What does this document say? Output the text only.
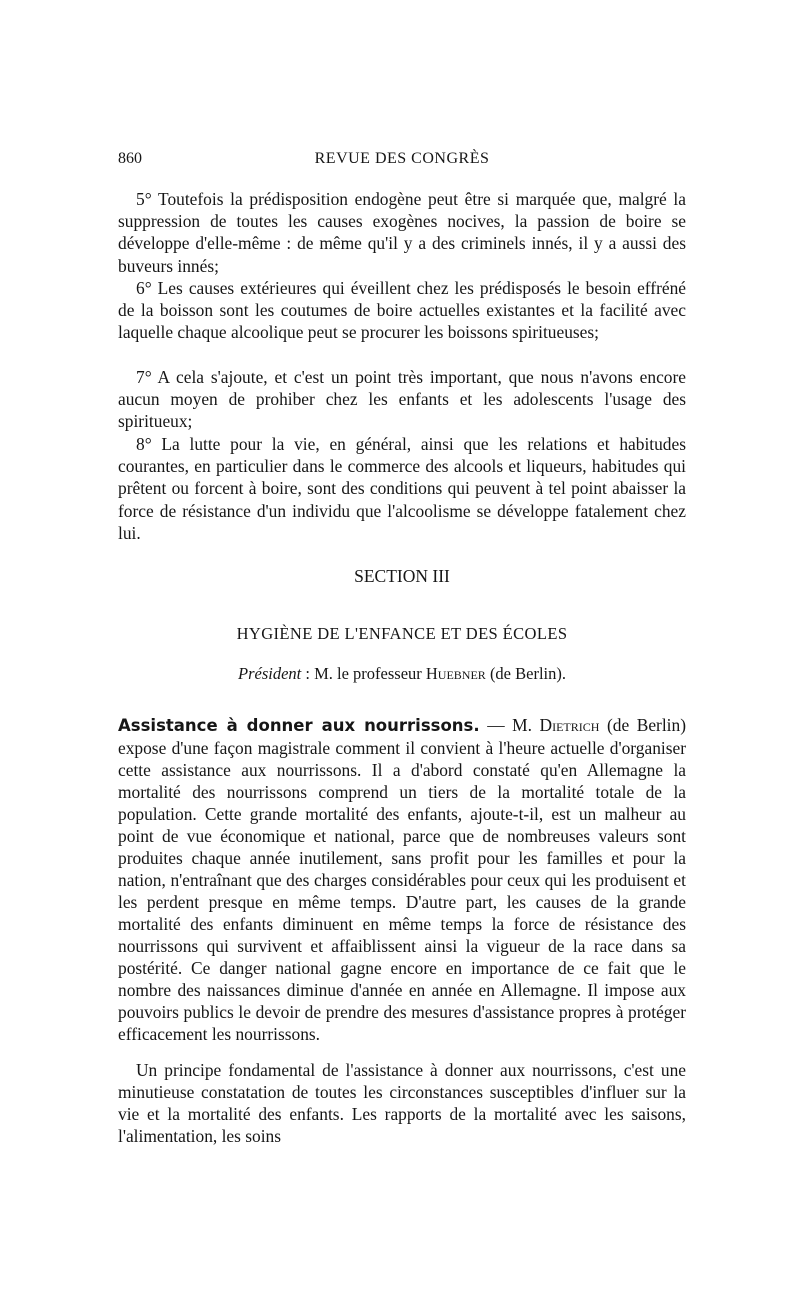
860	REVUE DES CONGRÈS

5° Toutefois la prédisposition endogène peut être si marquée que, malgré la suppression de toutes les causes exogènes nocives, la passion de boire se développe d'elle-même : de même qu'il y a des criminels innés, il y a aussi des buveurs innés;

6° Les causes extérieures qui éveillent chez les prédisposés le besoin effréné de la boisson sont les coutumes de boire actuelles existantes et la facilité avec laquelle chaque alcoolique peut se procurer les boissons spiritueuses;

7° A cela s'ajoute, et c'est un point très important, que nous n'avons encore aucun moyen de prohiber chez les enfants et les adolescents l'usage des spiritueux;

8° La lutte pour la vie, en général, ainsi que les relations et habitudes courantes, en particulier dans le commerce des alcools et liqueurs, habitudes qui prêtent ou forcent à boire, sont des conditions qui peuvent à tel point abaisser la force de résistance d'un individu que l'alcoolisme se développe fatalement chez lui.

SECTION III
HYGIÈNE DE L'ENFANCE ET DES ÉCOLES

Président : M. le professeur Huebner (de Berlin).

Assistance à donner aux nourrissons. — M. Dietrich (de Berlin) expose d'une façon magistrale comment il convient à l'heure actuelle d'organiser cette assistance aux nourrissons. Il a d'abord constaté qu'en Allemagne la mortalité des nourrissons comprend un tiers de la mortalité totale de la population. Cette grande mortalité des enfants, ajoute-t-il, est un malheur au point de vue économique et national, parce que de nombreuses valeurs sont produites chaque année inutilement, sans profit pour les familles et pour la nation, n'entraînant que des charges considérables pour ceux qui les produisent et les perdent presque en même temps. D'autre part, les causes de la grande mortalité des enfants diminuent en même temps la force de résistance des nourrissons qui survivent et affaiblissent ainsi la vigueur de la race dans sa postérité. Ce danger national gagne encore en importance de ce fait que le nombre des naissances diminue d'année en année en Allemagne. Il impose aux pouvoirs publics le devoir de prendre des mesures d'assistance propres à protéger efficacement les nourrissons.

Un principe fondamental de l'assistance à donner aux nourrissons, c'est une minutieuse constatation de toutes les circonstances susceptibles d'influer sur la vie et la mortalité des enfants. Les rapports de la mortalité avec les saisons, l'alimentation, les soins
